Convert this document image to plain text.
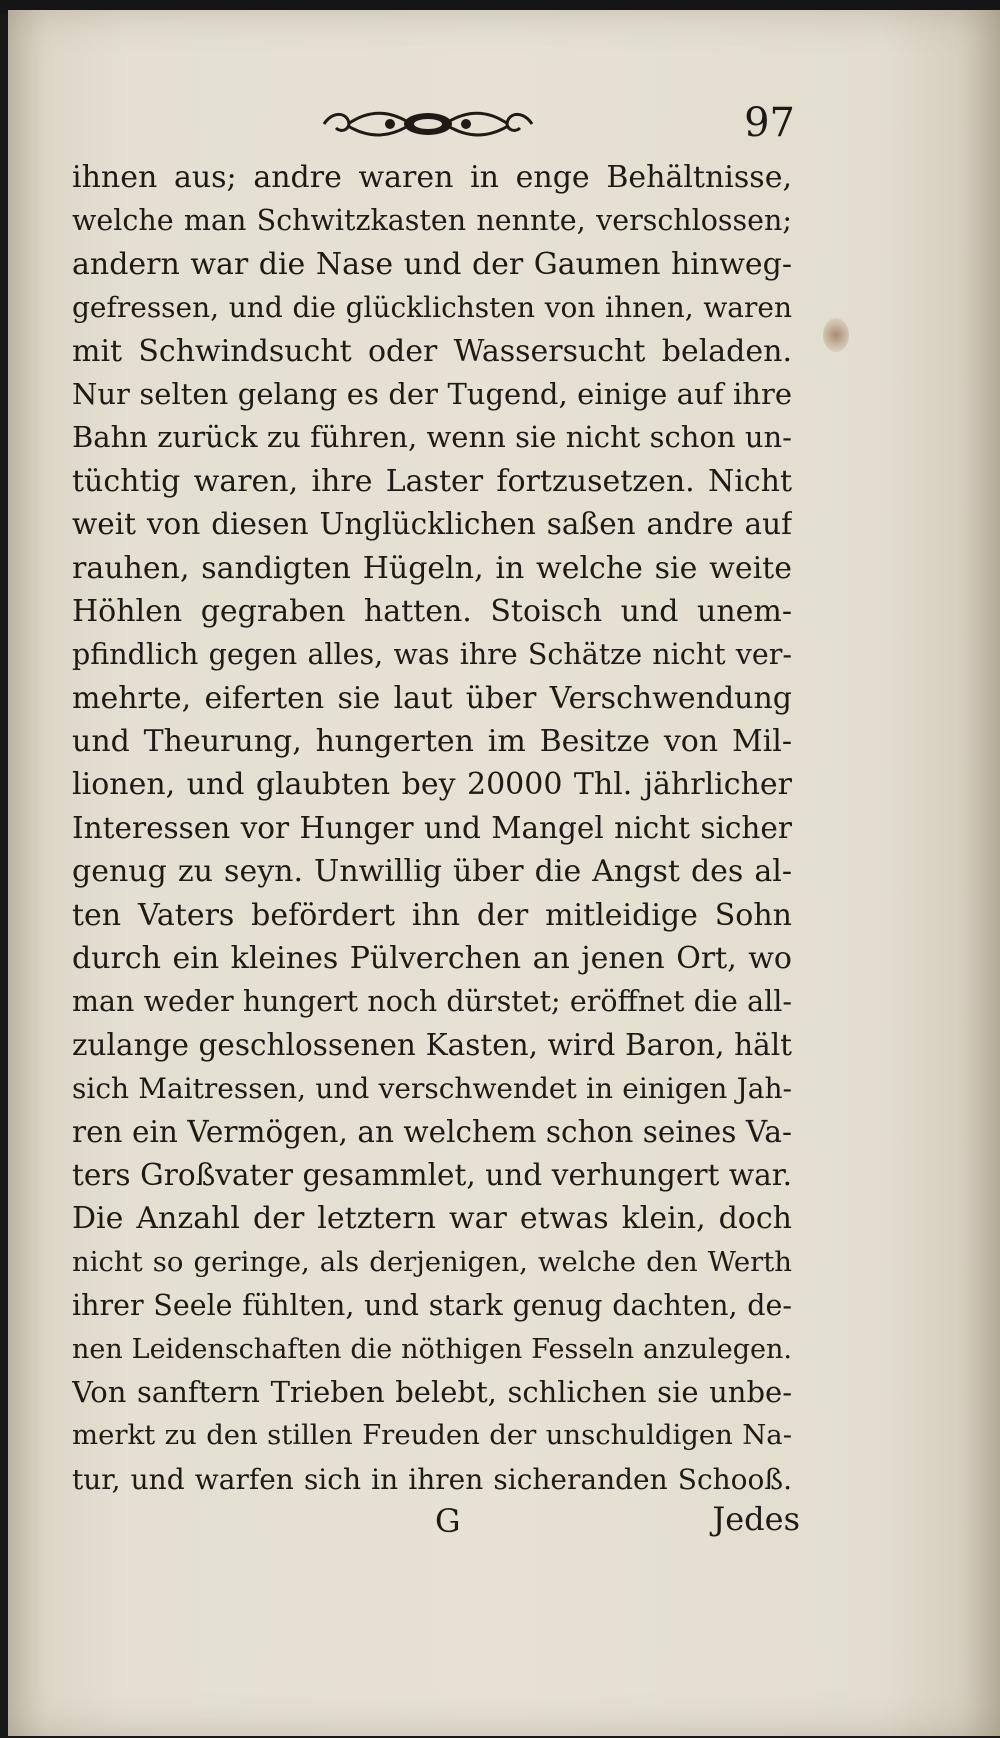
97
ihnen aus; andre waren in enge Behältnisse,
welche man Schwitzkasten nennte, verschlossen;
andern war die Nase und der Gaumen hinweg-
gefressen, und die glücklichsten von ihnen, waren
mit Schwindsucht oder Wassersucht beladen.
Nur selten gelang es der Tugend, einige auf ihre
Bahn zurück zu führen, wenn sie nicht schon un-
tüchtig waren, ihre Laster fortzusetzen. Nicht
weit von diesen Unglücklichen saßen andre auf
rauhen, sandigten Hügeln, in welche sie weite
Höhlen gegraben hatten. Stoisch und unem-
pfindlich gegen alles, was ihre Schätze nicht ver-
mehrte, eiferten sie laut über Verschwendung
und Theurung, hungerten im Besitze von Mil-
lionen, und glaubten bey 20000 Thl. jährlicher
Interessen vor Hunger und Mangel nicht sicher
genug zu seyn. Unwillig über die Angst des al-
ten Vaters befördert ihn der mitleidige Sohn
durch ein kleines Pülverchen an jenen Ort, wo
man weder hungert noch dürstet; eröffnet die all-
zulange geschlossenen Kasten, wird Baron, hält
sich Maitressen, und verschwendet in einigen Jah-
ren ein Vermögen, an welchem schon seines Va-
ters Großvater gesammlet, und verhungert war.
Die Anzahl der letztern war etwas klein, doch
nicht so geringe, als derjenigen, welche den Werth
ihrer Seele fühlten, und stark genug dachten, de-
nen Leidenschaften die nöthigen Fesseln anzulegen.
Von sanftern Trieben belebt, schlichen sie unbe-
merkt zu den stillen Freuden der unschuldigen Na-
tur, und warfen sich in ihren sicheranden Schooß.
G	Jedes
